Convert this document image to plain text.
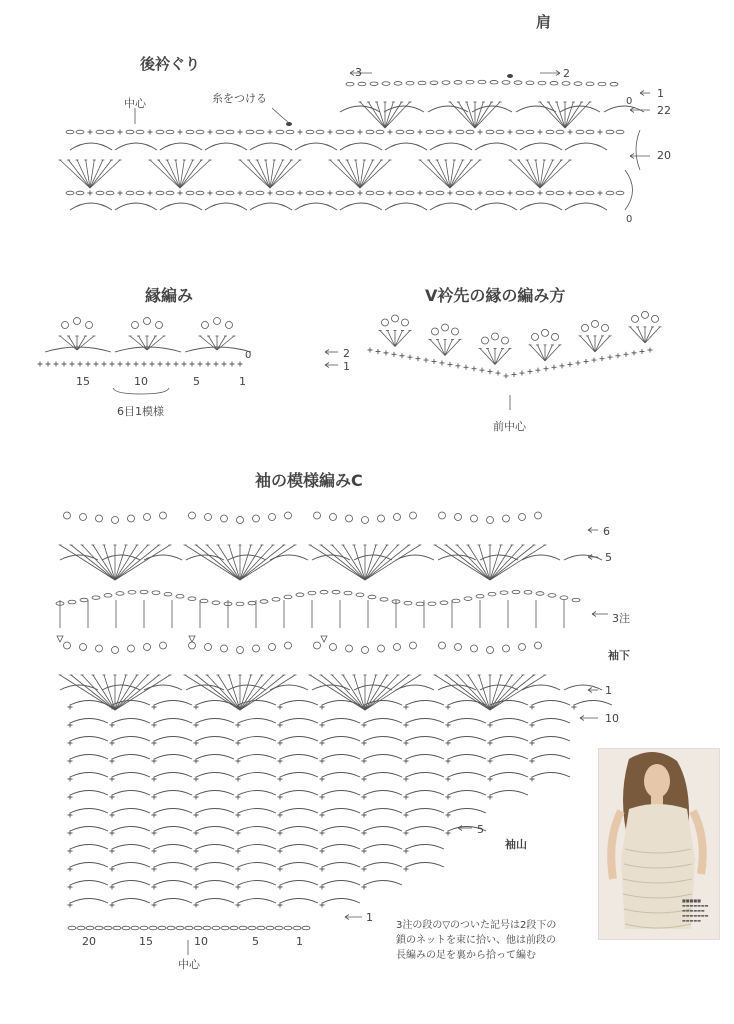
後衿ぐり
肩
中心	糸をつける
3	2
1
0
22
20
0
縁編み
2
1
0
15	10	5	1
6目1模様
V衿先の縁の編み方
前中心
袖の模様編みC
6
5
3注
袖下
1
10
5
袖山
1
20	15	10	5	1
中心
3注の段の▽のついた記号は2段下の
鎖のネットを束に拾い、他は前段の
長編みの足を裏から拾って編む
■■■■■
▬▬▬▬▬▬▬
▬▬▬▬▬▬
▬▬▬▬▬▬▬
▬▬▬▬▬
